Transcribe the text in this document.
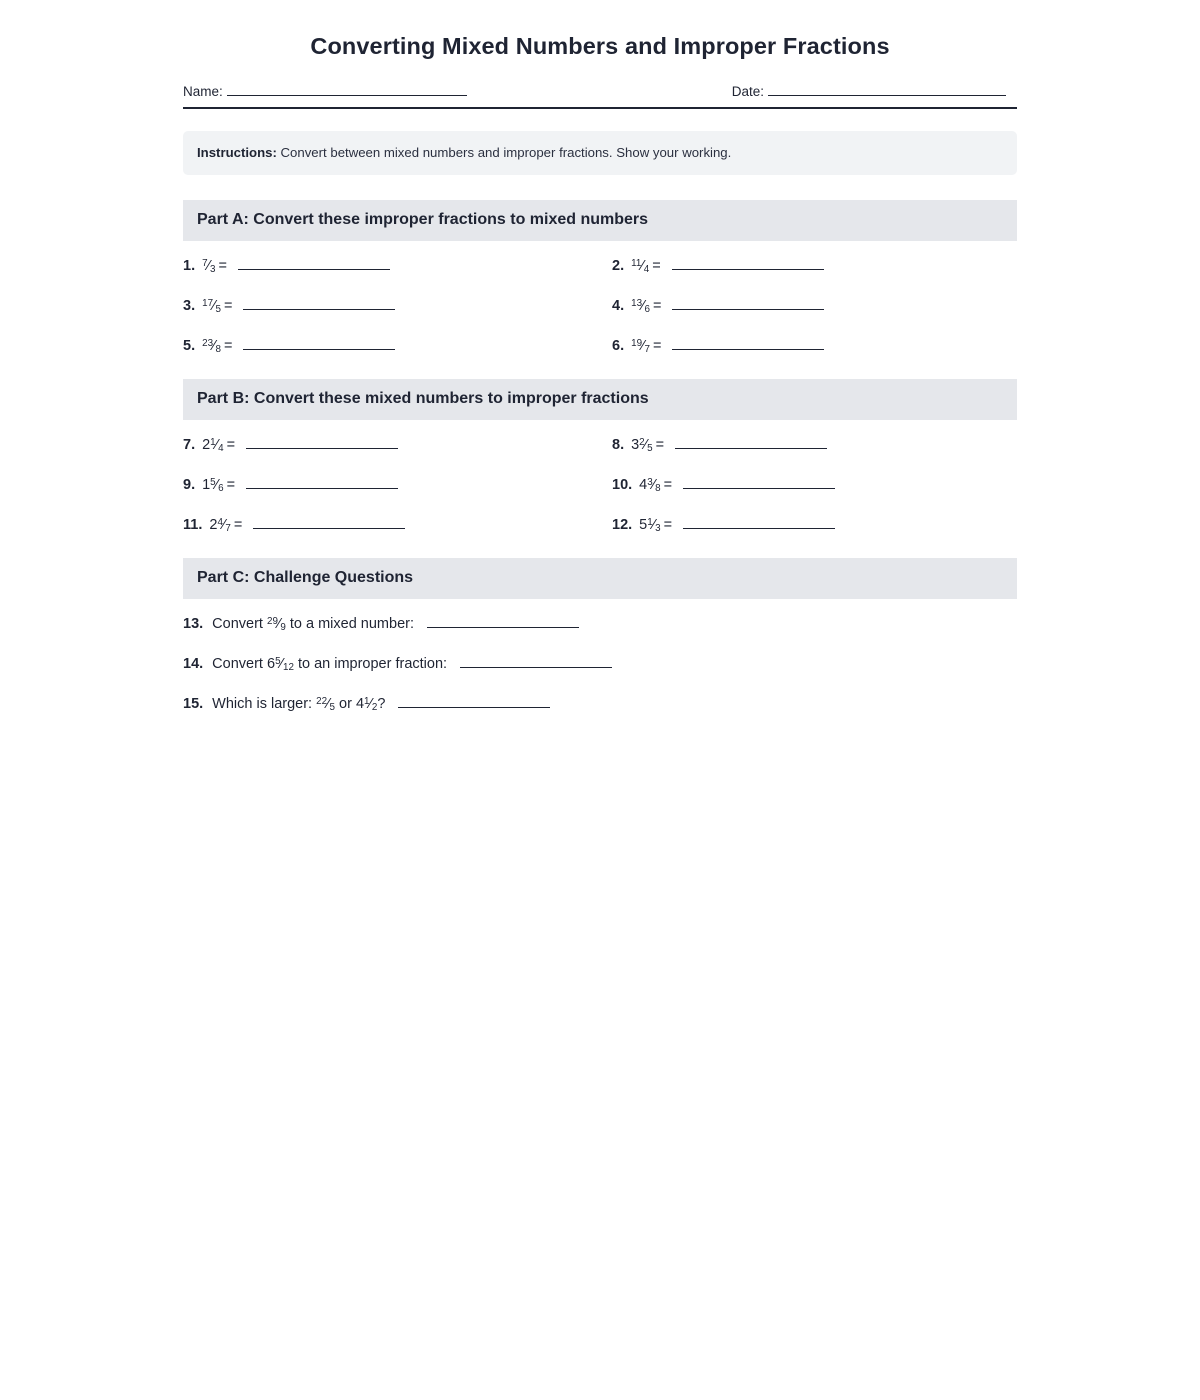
Converting Mixed Numbers and Improper Fractions
Name:	Date:
Instructions: Convert between mixed numbers and improper fractions. Show your working.
Part A: Convert these improper fractions to mixed numbers
1. $^7⁄_3$ =	2. $^{11}⁄_4$ =
3. $^{17}⁄_5$ =	4. $^{13}⁄_6$ =
5. $^{23}⁄_8$ =	6. $^{19}⁄_7$ =
Part B: Convert these mixed numbers to improper fractions
7. $2^1⁄_4$ =	8. $3^2⁄_5$ =
9. $1^5⁄_6$ =	10. $4^3⁄_8$ =
11. $2^4⁄_7$ =	12. $5^1⁄_3$ =
Part C: Challenge Questions
13. Convert $^{29}⁄_9$ to a mixed number:
14. Convert $6^5⁄_{12}$ to an improper fraction:
15. Which is larger: $^{22}⁄_5$ or $4^1⁄_2$?
